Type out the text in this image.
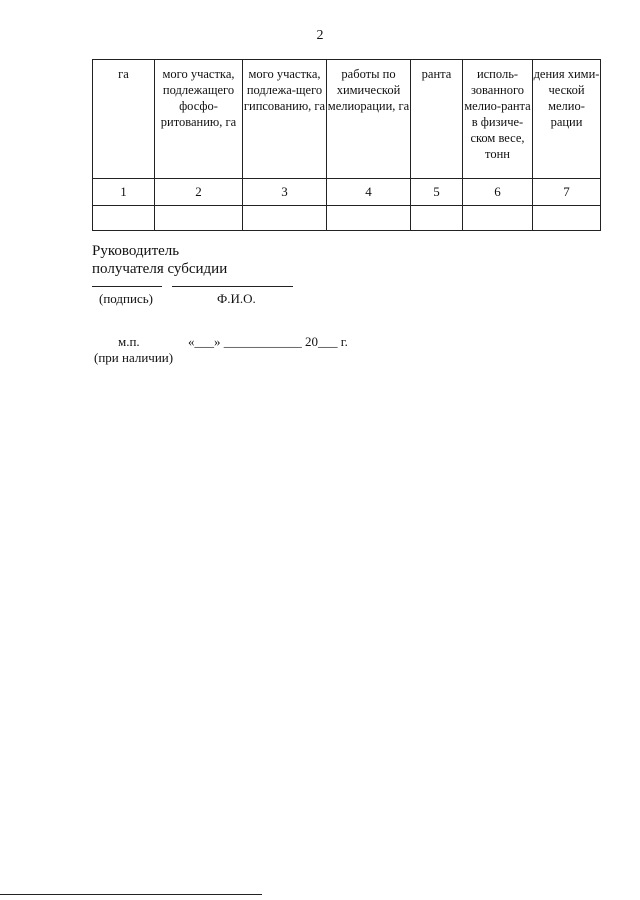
2
га	мого участка, подлежащего фосфо-ритованию, га	мого участка, подлежа-щего гипсованию, га	работы по химической мелиорации, га	ранта	исполь-зованного мелио-ранта в физиче-ском весе, тонн	дения хими-ческой мелио-рации
1	2	3	4	5	6	7

Руководитель
получателя субсидии
(подпись)	Ф.И.О.
м.п.	«___» ____________ 20___ г.
(при наличии)
